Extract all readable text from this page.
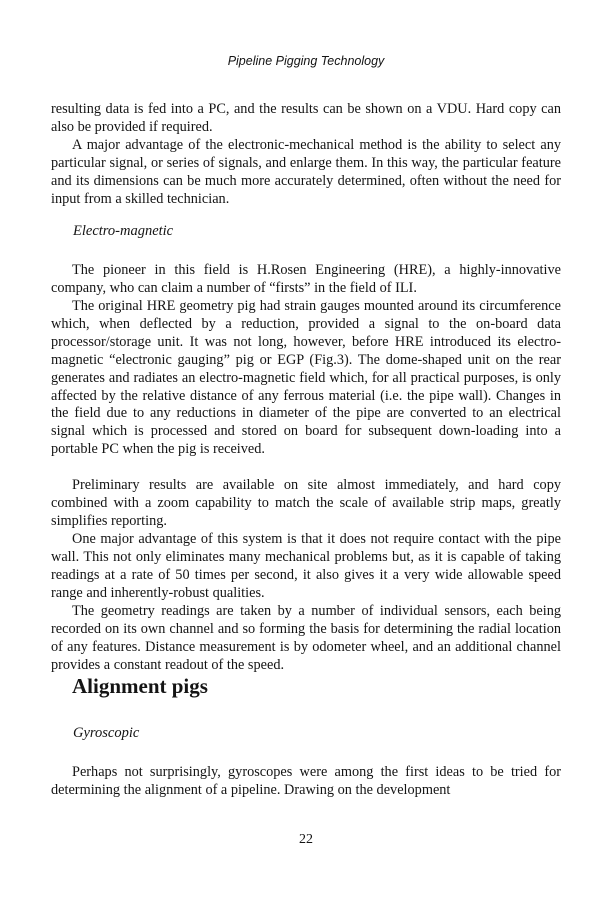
Pipeline Pigging Technology

resulting data is fed into a PC, and the results can be shown on a VDU. Hard copy can also be provided if required.

A major advantage of the electronic-mechanical method is the ability to select any particular signal, or series of signals, and enlarge them. In this way, the particular feature and its dimensions can be much more accurately determined, often without the need for input from a skilled technician.

Electro-magnetic

The pioneer in this field is H.Rosen Engineering (HRE), a highly-innovative company, who can claim a number of “firsts” in the field of ILI.

The original HRE geometry pig had strain gauges mounted around its circumference which, when deflected by a reduction, provided a signal to the on-board data processor/storage unit. It was not long, however, before HRE introduced its electro-magnetic “electronic gauging” pig or EGP (Fig.3). The dome-shaped unit on the rear generates and radiates an electro-magnetic field which, for all practical purposes, is only affected by the relative distance of any ferrous material (i.e. the pipe wall). Changes in the field due to any reductions in diameter of the pipe are converted to an electrical signal which is processed and stored on board for subsequent down-loading into a portable PC when the pig is received.

Preliminary results are available on site almost immediately, and hard copy combined with a zoom capability to match the scale of available strip maps, greatly simplifies reporting.

One major advantage of this system is that it does not require contact with the pipe wall. This not only eliminates many mechanical problems but, as it is capable of taking readings at a rate of 50 times per second, it also gives it a very wide allowable speed range and inherently-robust qualities.

The geometry readings are taken by a number of individual sensors, each being recorded on its own channel and so forming the basis for determining the radial location of any features. Distance measurement is by odometer wheel, and an additional channel provides a constant readout of the speed.

Alignment pigs
Gyroscopic

Perhaps not surprisingly, gyroscopes were among the first ideas to be tried for determining the alignment of a pipeline. Drawing on the development

22
